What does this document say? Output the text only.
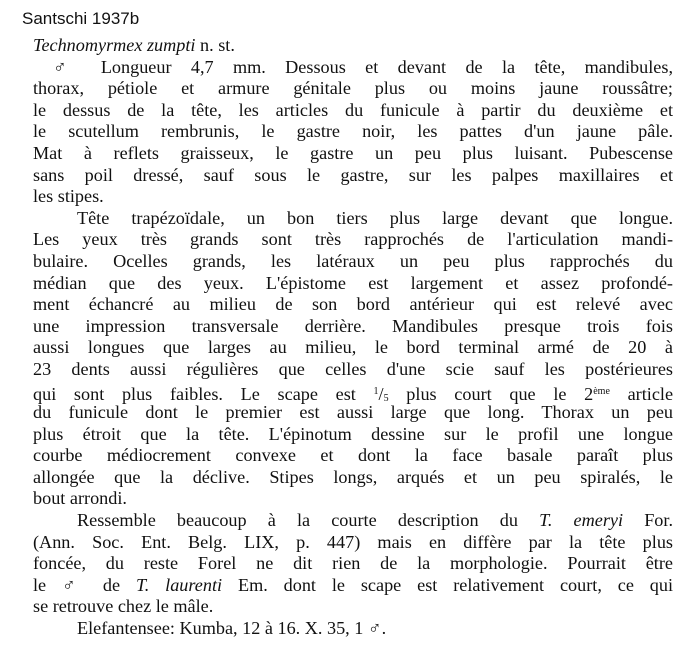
Santschi 1937b
Technomyrmex zumpti n. st.
♂ Longueur 4,7 mm. Dessous et devant de la tête, mandibules,
thorax, pétiole et armure génitale plus ou moins jaune roussâtre;
le dessus de la tête, les articles du funicule à partir du deuxième et
le scutellum rembrunis, le gastre noir, les pattes d'un jaune pâle.
Mat à reflets graisseux, le gastre un peu plus luisant. Pubescense
sans poil dressé, sauf sous le gastre, sur les palpes maxillaires et
les stipes.
Tête trapézoïdale, un bon tiers plus large devant que longue.
Les yeux très grands sont très rapprochés de l'articulation mandi-
bulaire. Ocelles grands, les latéraux un peu plus rapprochés du
médian que des yeux. L'épistome est largement et assez profondé-
ment échancré au milieu de son bord antérieur qui est relevé avec
une impression transversale derrière. Mandibules presque trois fois
aussi longues que larges au milieu, le bord terminal armé de 20 à
23 dents aussi régulières que celles d'une scie sauf les postérieures
qui sont plus faibles. Le scape est $^1/_5$ plus court que le 2ème article
du funicule dont le premier est aussi large que long. Thorax un peu
plus étroit que la tête. L'épinotum dessine sur le profil une longue
courbe médiocrement convexe et dont la face basale paraît plus
allongée que la déclive. Stipes longs, arqués et un peu spiralés, le
bout arrondi.
Ressemble beaucoup à la courte description du T. emeryi For.
(Ann. Soc. Ent. Belg. LIX, p. 447) mais en diffère par la tête plus
foncée, du reste Forel ne dit rien de la morphologie. Pourrait être
le ♂ de T. laurenti Em. dont le scape est relativement court, ce qui
se retrouve chez le mâle.
Elefantensee: Kumba, 12 à 16. X. 35, 1 ♂.
